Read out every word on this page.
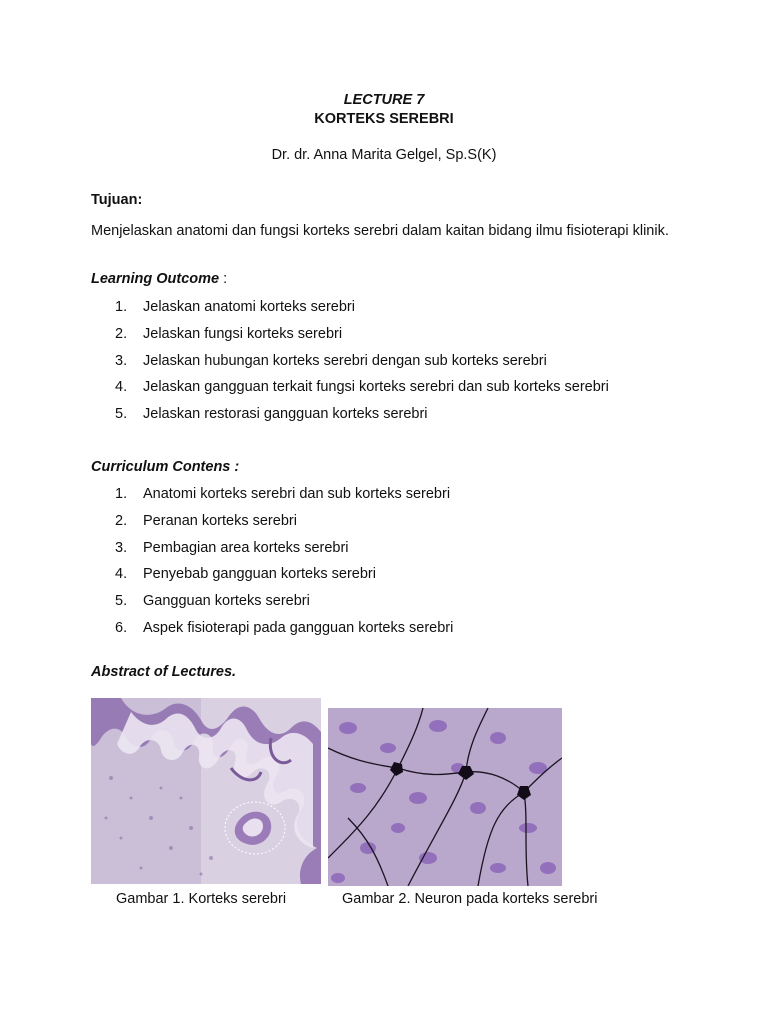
LECTURE 7
KORTEKS SEREBRI
Dr. dr. Anna Marita Gelgel, Sp.S(K)
Tujuan:
Menjelaskan anatomi dan fungsi korteks serebri dalam kaitan bidang ilmu fisioterapi klinik.
Learning Outcome :
1. Jelaskan anatomi korteks serebri
2. Jelaskan fungsi korteks serebri
3. Jelaskan hubungan korteks serebri dengan sub korteks serebri
4. Jelaskan gangguan terkait fungsi korteks serebri dan sub korteks serebri
5. Jelaskan restorasi gangguan korteks serebri
Curriculum Contens :
1. Anatomi korteks serebri dan sub korteks serebri
2. Peranan korteks serebri
3. Pembagian area korteks serebri
4. Penyebab gangguan korteks serebri
5. Gangguan korteks serebri
6. Aspek fisioterapi pada gangguan korteks serebri
Abstract of Lectures.
Gambar 1. Korteks serebri	Gambar 2. Neuron pada korteks serebri
